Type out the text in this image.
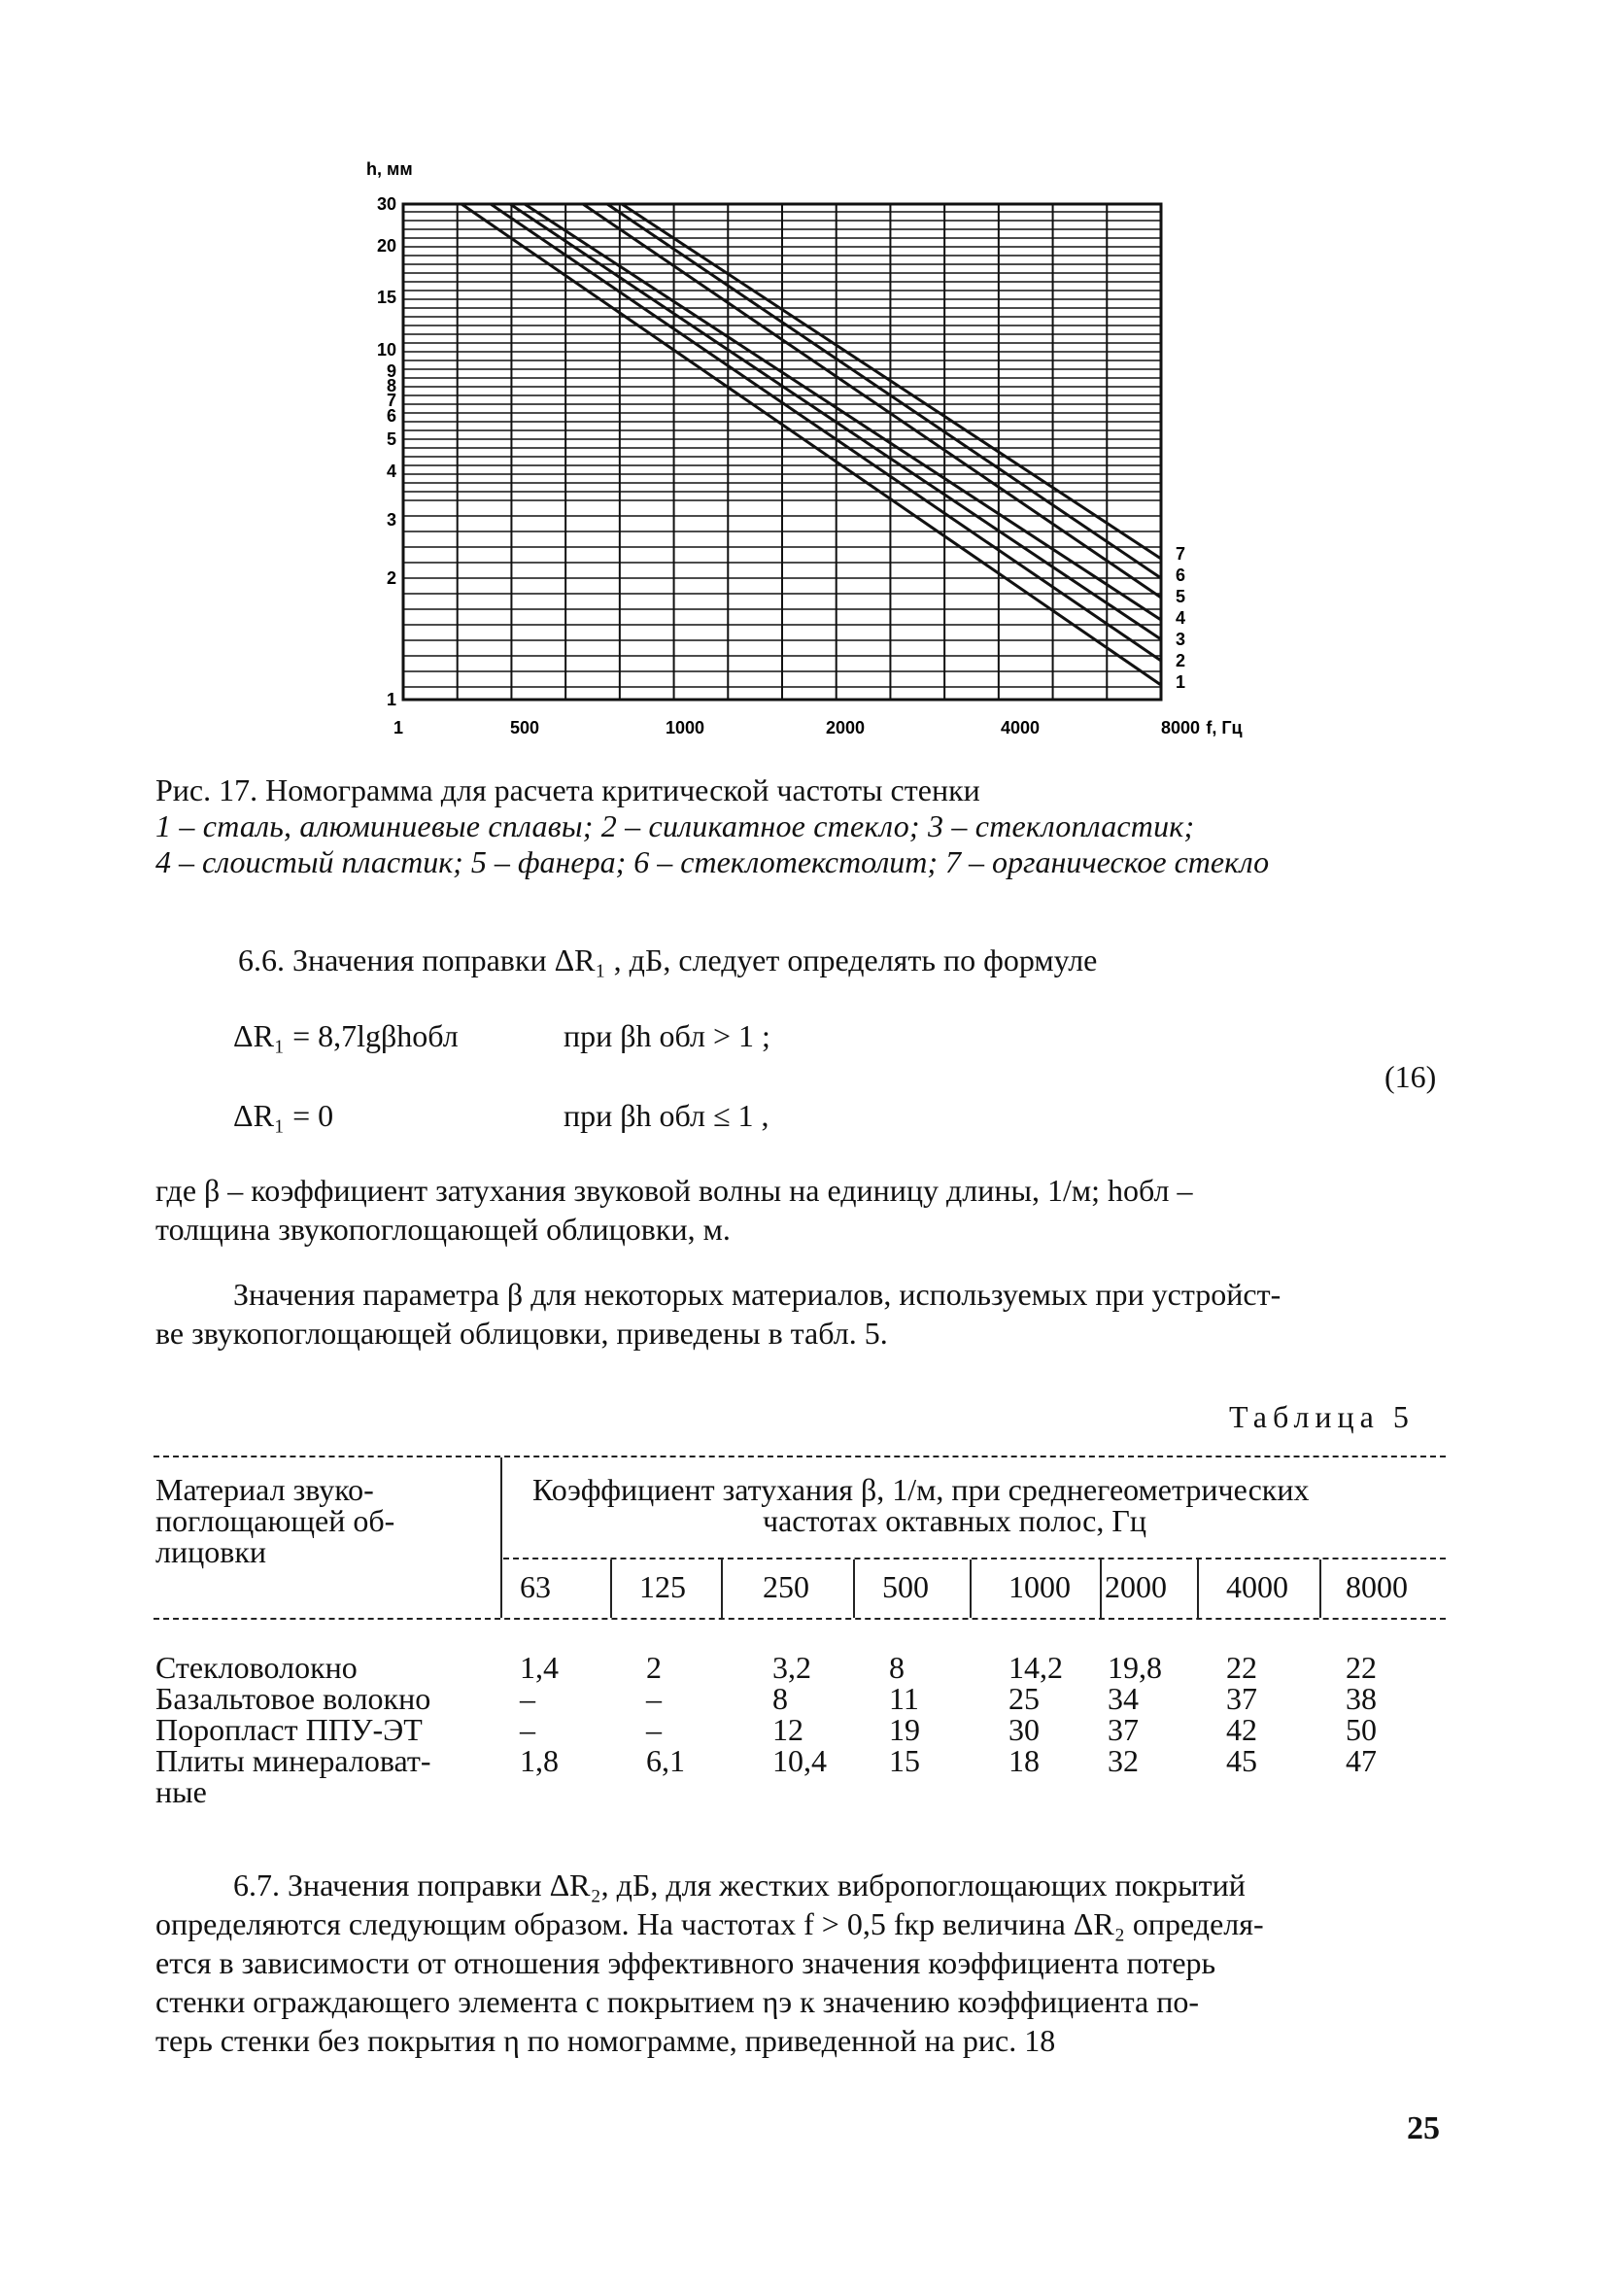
h, мм
30
20
15
10
9
8
7
6
5
4
3
2
1
1	500	1000	2000	4000	8000 f, Гц
7
6
5
4
3
2
1
Рис. 17. Номограмма для расчета критической частоты стенки
1 – сталь, алюминиевые сплавы; 2 – силикатное стекло; 3 – стеклопластик;
4 – слоистый пластик; 5 – фанера; 6 – стеклотекстолит; 7 – органическое стекло
6.6. Значения поправки ΔR₁ , дБ, следует определять по формуле
ΔR₁ = 8,7lgβhобл	при βh обл > 1 ;
ΔR₁ = 0	при βh обл ≤ 1 ,
(16)
где β – коэффициент затухания звуковой волны на единицу длины, 1/м; hобл –
толщина звукопоглощающей облицовки, м.
Значения параметра β для некоторых материалов, используемых при устройст-
ве звукопоглощающей облицовки, приведены в табл. 5.
Таблица 5
Материал звуко-
поглощающей об-
лицовки
Коэффициент затухания β, 1/м, при среднегеометрических
частотах октавных полос, Гц
63	125 250 500	1000 2000 4000 8000
Стекловолокно	1,4	2	3,2	8	14,2 19,8 22	22
Базальтовое волокно	–	–	8	11	25 34	37	38
Поропласт ППУ-ЭТ	–	–	12	19	30 37	42	50
Плиты минераловат-	1,8	6,1	10,4 15	18 32	45	47
ные
6.7. Значения поправки ΔR₂, дБ, для жестких вибропоглощающих покрытий
определяются следующим образом. На частотах f > 0,5 fкр величина ΔR₂ определя-
ется в зависимости от отношения эффективного значения коэффициента потерь
стенки ограждающего элемента с покрытием ηэ к значению коэффициента по-
терь стенки без покрытия η по номограмме, приведенной на рис. 18
25
